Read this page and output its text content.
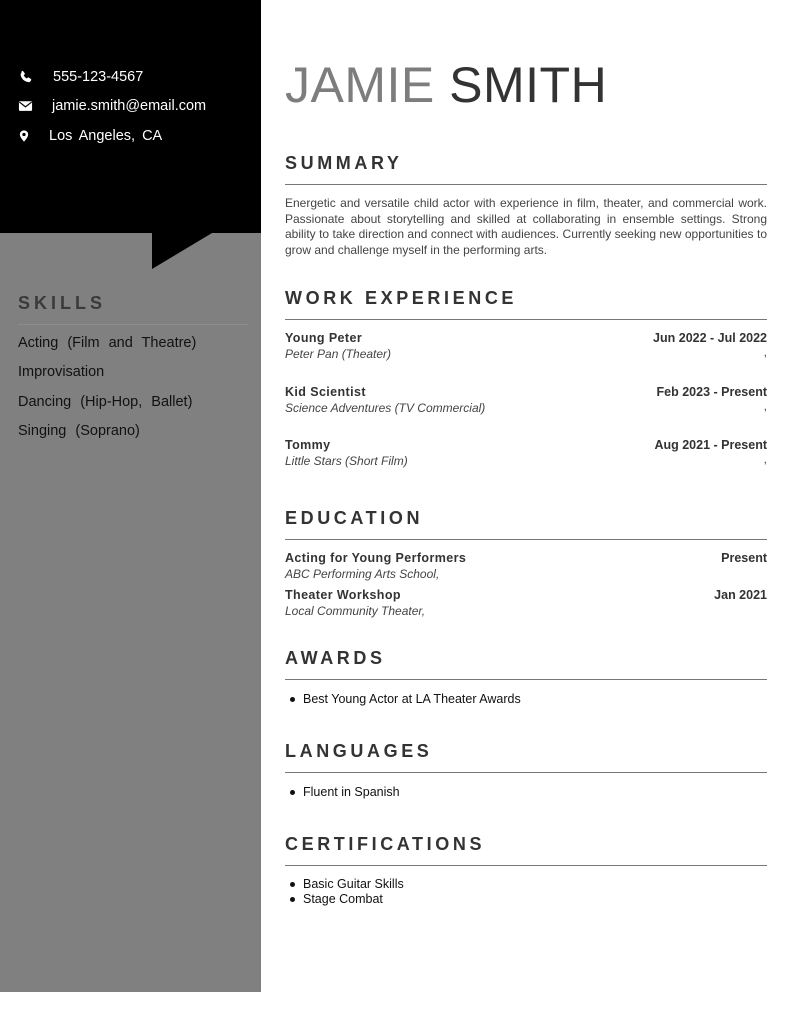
555-123-4567
jamie.smith@email.com
Los Angeles, CA
SKILLS
Acting (Film and Theatre)
Improvisation
Dancing (Hip-Hop, Ballet)
Singing (Soprano)
JAMIE SMITH
SUMMARY
Energetic and versatile child actor with experience in film, theater, and commercial work. Passionate about storytelling and skilled at collaborating in ensemble settings. Strong ability to take direction and connect with audiences. Currently seeking new opportunities to grow and challenge myself in the performing arts.
WORK EXPERIENCE
Young Peter	Jun 2022 - Jul 2022
Peter Pan (Theater)	,
Kid Scientist	Feb 2023 - Present
Science Adventures (TV Commercial)	,
Tommy	Aug 2021 - Present
Little Stars (Short Film)	,
EDUCATION
Acting for Young Performers	Present
ABC Performing Arts School,
Theater Workshop	Jan 2021
Local Community Theater,
AWARDS
Best Young Actor at LA Theater Awards
LANGUAGES
Fluent in Spanish
CERTIFICATIONS
Basic Guitar Skills
Stage Combat
